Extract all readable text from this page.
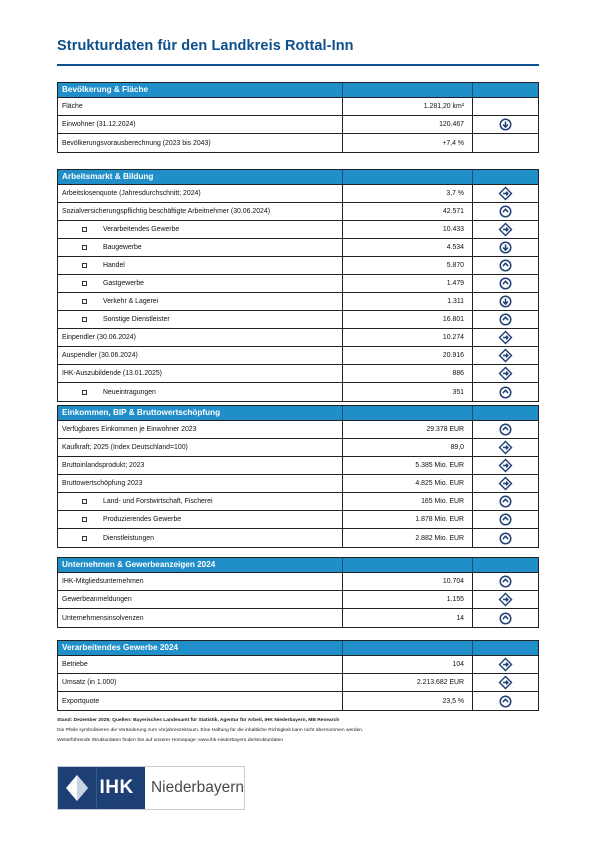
Strukturdaten für den Landkreis Rottal-Inn
Bevölkerung & Fläche
Fläche	1.281,20 km²
Einwohner (31.12.2024)	120.467
Bevölkerungsvorausberechnung (2023 bis 2043)	+7,4 %
Arbeitsmarkt & Bildung
Arbeitslosenquote (Jahresdurchschnitt; 2024)	3,7 %
Sozialversicherungspflichtig beschäftigte Arbeitnehmer (30.06.2024)	42.571
Verarbeitendes Gewerbe	10.433
Baugewerbe	4.534
Handel	5.870
Gastgewerbe	1.479
Verkehr & Lagerei	1.311
Sonstige Dienstleister	16.801
Einpendler (30.06.2024)	10.274
Auspendler (30.06.2024)	20.916
IHK-Auszubildende (13.01.2025)	886
Neueintragungen	351
Einkommen, BIP & Bruttowertschöpfung
Verfügbares Einkommen je Einwohner 2023	29.378 EUR
Kaufkraft; 2025 (Index Deutschland=100)	89,0
Bruttoinlandsprodukt; 2023	5.385 Mio. EUR
Bruttowertschöpfung 2023	4.825 Mio. EUR
Land- und Forstwirtschaft, Fischerei	165 Mio. EUR
Produzierendes Gewerbe	1.878 Mio. EUR
Dienstleistungen	2.882 Mio. EUR
Unternehmen & Gewerbeanzeigen 2024
IHK-Mitgliedsunternehmen	10.704
Gewerbeanmeldungen	1.155
Unternehmensinsolvenzen	14
Verarbeitendes Gewerbe 2024
Betriebe	104
Umsatz (in 1.000)	2.213.682 EUR
Exportquote	23,5 %
Stand: Dezember 2025; Quellen: Bayerisches Landesamt für Statistik, Agentur für Arbeit, IHK Niederbayern, MB Research
Die Pfeile symbolisieren die Veränderung zum Vorjahreszeitraum. Eine Haftung für die inhaltliche Richtigkeit kann nicht übernommen werden.
Weiterführende Strukturdaten finden Sie auf unserer Homepage: www.ihk-niederbayern.de/strukturdaten
IHK	Niederbayern
